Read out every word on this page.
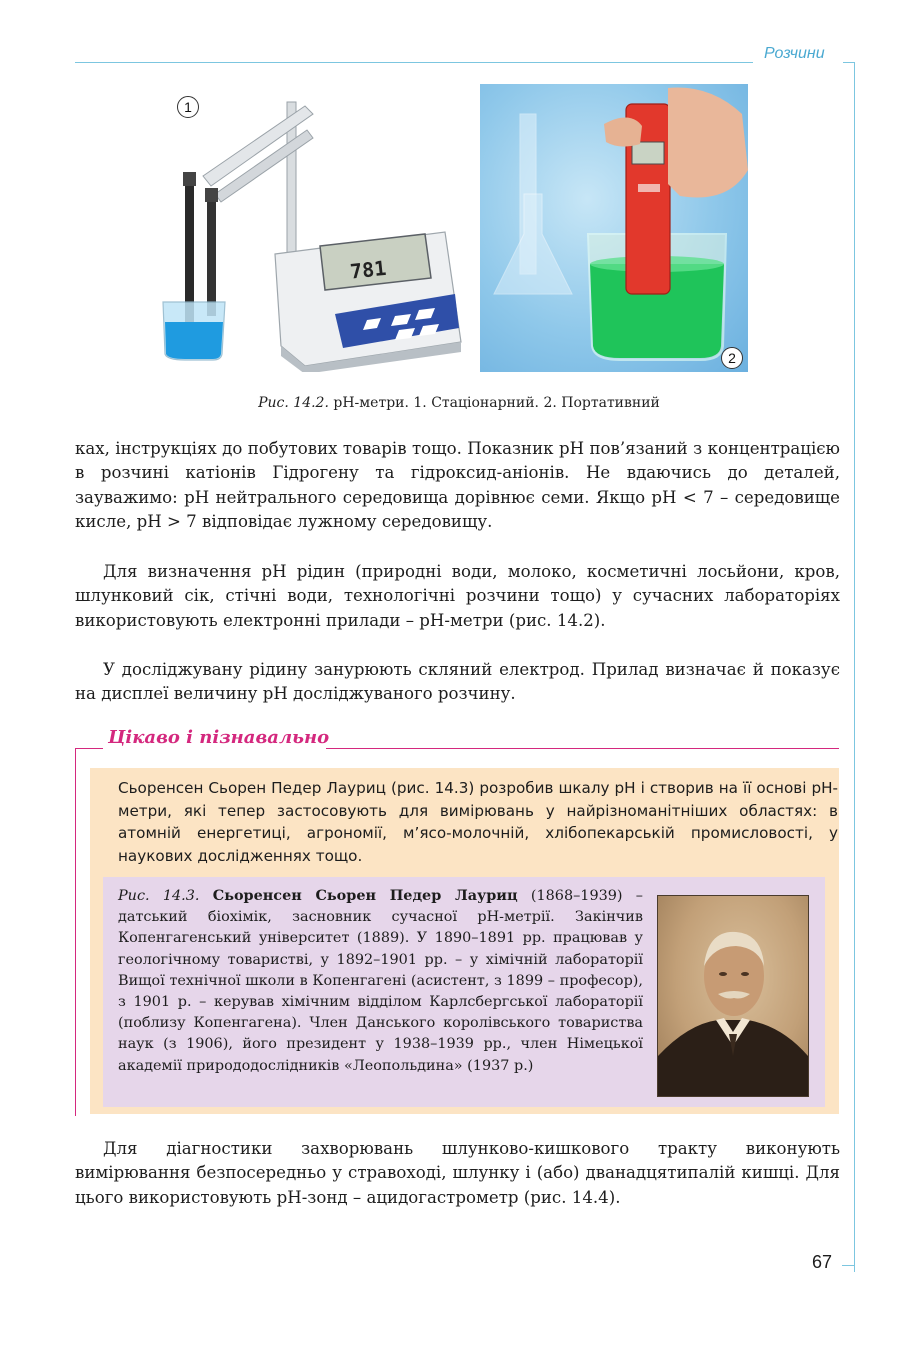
Розчини
781
1
2
Рис. 14.2. pH-метри. 1. Стаціонарний. 2. Портативний

ках, інструкціях до побутових товарів тощо. Показник pH пов’язаний з концентрацією в розчині катіонів Гідрогену та гідроксид-аніонів. Не вдаючись до деталей, зауважимо: pH нейтрального середовища дорівнює семи. Якщо pH < 7 – середовище кисле, pH > 7 відповідає лужному середовищу.

Для визначення pH рідин (природні води, молоко, косметичні лосьйони, кров, шлунковий сік, стічні води, технологічні розчини тощо) у сучасних лабораторіях використовують електронні прилади – pH-метри (рис. 14.2).

У досліджувану рідину занурюють скляний електрод. Прилад визначає й показує на дисплеї величину pH досліджуваного розчину.

Цікаво і пізнавально

Сьоренсен Сьорен Педер Лауриц (рис. 14.3) розробив шкалу pH і створив на її основі pH-метри, які тепер застосовують для вимірювань у найрізноманітніших областях: в атомній енергетиці, агрономії, м’ясо-молочній, хлібопекарській промисловості, у наукових дослідженнях тощо.

Рис. 14.3. Сьоренсен Сьорен Педер Лауриц (1868–1939) – датський біохімік, засновник сучасної pH-метрії. Закінчив Копенгагенський університет (1889). У 1890–1891 рр. працював у геологічному товаристві, у 1892–1901 рр. – у хімічній лабораторії Вищої технічної школи в Копенгагені (асистент, з 1899 – професор), з 1901 р. – керував хімічним відділом Карлсбергської лабораторії (поблизу Копенгагена). Член Данського королівського товариства наук (з 1906), його президент у 1938–1939 рр., член Німецької академії природодослідників «Леопольдина» (1937 р.)

Для діагностики захворювань шлунково-кишкового тракту виконують вимірювання безпосередньо у стравоході, шлунку і (або) дванадцятипалій кишці. Для цього використовують pH-зонд – ацидогастрометр (рис. 14.4).

67
